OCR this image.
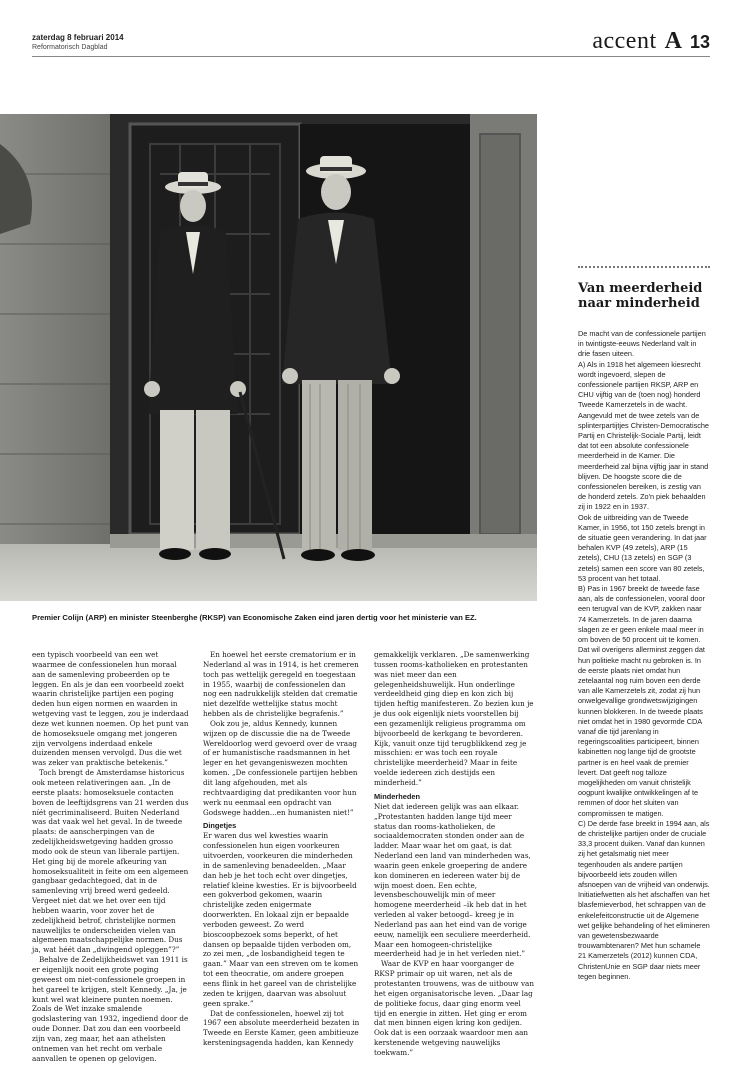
zaterdag 8 februari 2014
Reformatorisch Dagblad	accent A 13
Premier Colijn (ARP) en minister Steenberghe (RKSP) van Economische Zaken eind jaren dertig voor het ministerie van EZ.

een typisch voorbeeld van een wet waarmee de confessionelen hun moraal aan de samenleving probeerden op te leggen. En als je dan een voorbeeld zoekt waarin christelijke partijen een poging deden hun eigen normen en waarden in wetgeving vast te leggen, zou je inderdaad deze wet kunnen noemen. Op het punt van de homoseksuele omgang met jongeren zijn vervolgens inderdaad enkele duizenden mensen vervolgd. Dus die wet was zeker van praktische betekenis.”

Toch brengt de Amsterdamse historicus ook meteen relativeringen aan. „In de eerste plaats: homoseksuele contacten boven de leeftijdsgrens van 21 werden dus níét gecriminaliseerd. Buiten Nederland was dat vaak wel het geval. In de tweede plaats: de aanscherpingen van de zedelijkheidswetgeving hadden grosso modo ook de steun van liberale partijen. Het ging bij de morele afkeuring van homoseksualiteit in feite om een algemeen gangbaar gedachtegoed, dat in de samenleving vrij breed werd gedeeld. Vergeet niet dat we het over een tijd hebben waarin, voor zover het de zedelijkheid betrof, christelijke normen nauwelijks te onderscheiden vielen van algemeen maatschappelijke normen. Dus ja, wat héét dan „dwingend opleggen”?”

Behalve de Zedelijkheidswet van 1911 is er eigenlijk nooit een grote poging geweest om niet-confessionele groepen in het gareel te krijgen, stelt Kennedy. „Ja, je kunt wel wat kleinere punten noemen. Zoals de Wet inzake smalende godslastering van 1932, ingediend door de oude Donner. Dat zou dan een voorbeeld zijn van, zeg maar, het aan atheïsten ontnemen van het recht om verbale aanvallen te openen op gelovigen.

En hoewel het eerste crematorium er in Nederland al was in 1914, is het cremeren toch pas wettelijk geregeld en toegestaan in 1955, waarbij de confessionelen dan nog een nadrukkelijk stelden dat crematie niet dezelfde wettelijke status mocht hebben als de christelijke begrafenis.”

Ook zou je, aldus Kennedy, kunnen wijzen op de discussie die na de Tweede Wereldoorlog werd gevoerd over de vraag of er humanistische raadsmannen in het leger en het gevangeniswezen mochten komen. „De confessionele partijen hebben dit lang afgehouden, met als rechtvaardiging dat predikanten voor hun werk nu eenmaal een opdracht van Godswege hadden...en humanisten niet!”

Dingetjes

Er waren dus wel kwesties waarin confessionelen hun eigen voorkeuren uitvoerden, voorkeuren die minderheden in de samenleving benadeelden. „Maar dan heb je het toch echt over dingetjes, relatief kleine kwesties. Er is bijvoorbeeld een gokverbod gekomen, waarin christelijke zeden enigermate doorwerkten. En lokaal zijn er bepaalde verboden geweest. Zo werd bioscoopbezoek soms beperkt, of het dansen op bepaalde tijden verboden om, zo zei men, „de losbandigheid tegen te gaan.” Maar van een streven om te komen tot een theocratie, om andere groepen eens flink in het gareel van de christelijke zeden te krijgen, daarvan was absoluut geen sprake.”

Dat de confessionelen, hoewel zij tot 1967 een absolute meerderheid bezaten in Tweede en Eerste Kamer, geen ambitieuze kersteningsagenda hadden, kan Kennedy

gemakkelijk verklaren. „De samenwerking tussen rooms-katholieken en protestanten was niet meer dan een gelegenheidshuwelijk. Hun onderlinge verdeeldheid ging diep en kon zich bij tijden heftig manifesteren. Zo bezien kun je je dus ook eigenlijk niets voorstellen bij een gezamenlijk religieus programma om bijvoorbeeld de kerkgang te bevorderen. Kijk, vanuit onze tijd terugblikkend zeg je misschien: er was toch een royale christelijke meerderheid? Maar in feite voelde iedereen zich destijds een minderheid.”

Minderheden

Niet dat iedereen gelijk was aan elkaar. „Protestanten hadden lange tijd meer status dan rooms-katholieken, de sociaaldemocraten stonden onder aan de ladder. Maar waar het om gaat, is dat Nederland een land van minderheden was, waarin geen enkele groepering de andere kon domineren en iedereen water bij de wijn moest doen. Een echte, levensbeschouwelijk min of meer homogene meerderheid –ik heb dat in het verleden al vaker betoogd– kreeg je in Nederland pas aan het eind van de vorige eeuw, namelijk een seculiere meerderheid. Maar een homogeen-christelijke meerderheid had je in het verleden niet.”

Waar de KVP en haar voorganger de RKSP primair op uit waren, net als de protestanten trouwens, was de uitbouw van het eigen organisatorische leven. „Daar lag de politieke focus, daar ging enorm veel tijd en energie in zitten. Het ging er erom dat men binnen eigen kring kon gedijen. Ook dat is een oorzaak waardoor men aan kerstenende wetgeving nauwelijks toekwam.”

Van meerderheid naar minderheid

De macht van de confessionele partijen in twintigste-eeuws Nederland valt in drie fasen uiteen.

A) Als in 1918 het algemeen kiesrecht wordt ingevoerd, slepen de confessionele partijen RKSP, ARP en CHU vijftig van de (toen nog) honderd Tweede Kamerzetels in de wacht. Aangevuld met de twee zetels van de splinterpartijtjes Christen-Democratische Partij en Christelijk-Sociale Partij, leidt dat tot een absolute confessionele meerderheid in de Kamer. Die meerderheid zal bijna vijftig jaar in stand blijven. De hoogste score die de confessionelen bereiken, is zestig van de honderd zetels. Zo'n piek behaalden zij in 1922 en in 1937.

Ook de uitbreiding van de Tweede Kamer, in 1956, tot 150 zetels brengt in de situatie geen verandering. In dat jaar behalen KVP (49 zetels), ARP (15 zetels), CHU (13 zetels) en SGP (3 zetels) samen een score van 80 zetels, 53 procent van het totaal.

B) Pas in 1967 breekt de tweede fase aan, als de confessionelen, vooral door een terugval van de KVP, zakken naar 74 Kamerzetels. In de jaren daarna slagen ze er geen enkele maal meer in om boven de 50 procent uit te komen. Dat wil overigens allerminst zeggen dat hun politieke macht nu gebroken is. In de eerste plaats niet omdat hun zetelaantal nog ruim boven een derde van alle Kamerzetels zit, zodat zij hun onwelgevallige grondwetswijzigingen kunnen blokkeren. In de tweede plaats niet omdat het in 1980 gevormde CDA vanaf die tijd jarenlang in regeringscoalities participeert, binnen kabinetten nog lange tijd de grootste partner is en heel vaak de premier levert. Dat geeft nog talloze mogelijkheden om vanuit christelijk oogpunt kwalijke ontwikkelingen af te remmen of door het sluiten van compromissen te matigen.

C) De derde fase breekt in 1994 aan, als de christelijke partijen onder de cruciale 33,3 procent duiken. Vanaf dan kunnen zij het getalsmatig niet meer tegenhouden als andere partijen bijvoorbeeld iets zouden willen afsnoepen van de vrijheid van onderwijs. Initiatiefwetten als het afschaffen van het blasfemieverbod, het schrappen van de enkelefeitconstructie uit de Algemene wet gelijke behandeling of het elimineren van gewetensbezwaarde trouwambtenaren? Met hun schamele 21 Kamerzetels (2012) kunnen CDA, ChristenUnie en SGP daar niets meer tegen beginnen.
